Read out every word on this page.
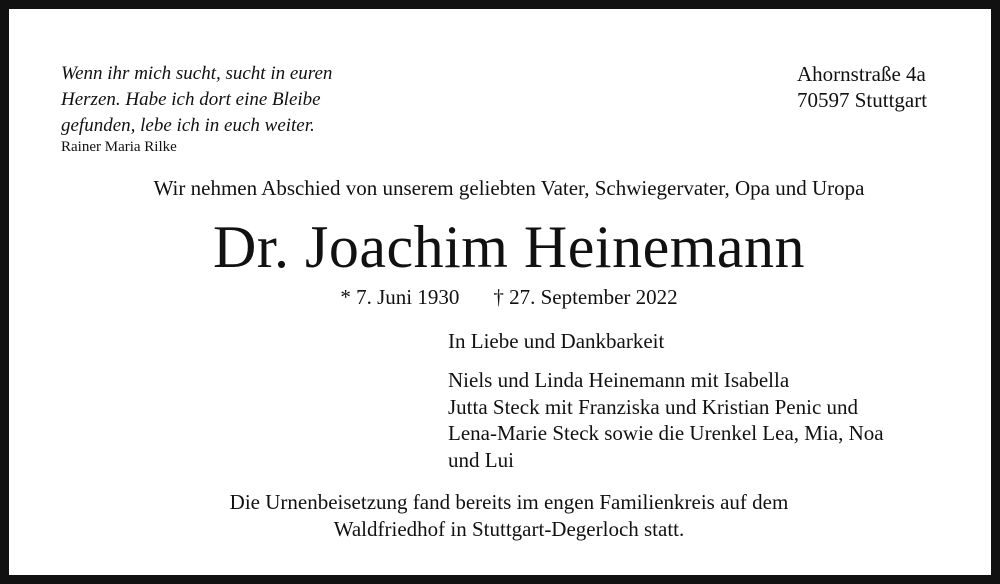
Wenn ihr mich sucht, sucht in euren
Herzen. Habe ich dort eine Bleibe
gefunden, lebe ich in euch weiter.
Rainer Maria Rilke
Ahornstraße 4a
70597 Stuttgart
Wir nehmen Abschied von unserem geliebten Vater, Schwiegervater, Opa und Uropa
Dr. Joachim Heinemann
* 7. Juni 1930 † 27. September 2022
In Liebe und Dankbarkeit
Niels und Linda Heinemann mit Isabella
Jutta Steck mit Franziska und Kristian Penic und
Lena-Marie Steck sowie die Urenkel Lea, Mia, Noa
und Lui
Die Urnenbeisetzung fand bereits im engen Familienkreis auf dem
Waldfriedhof in Stuttgart-Degerloch statt.
